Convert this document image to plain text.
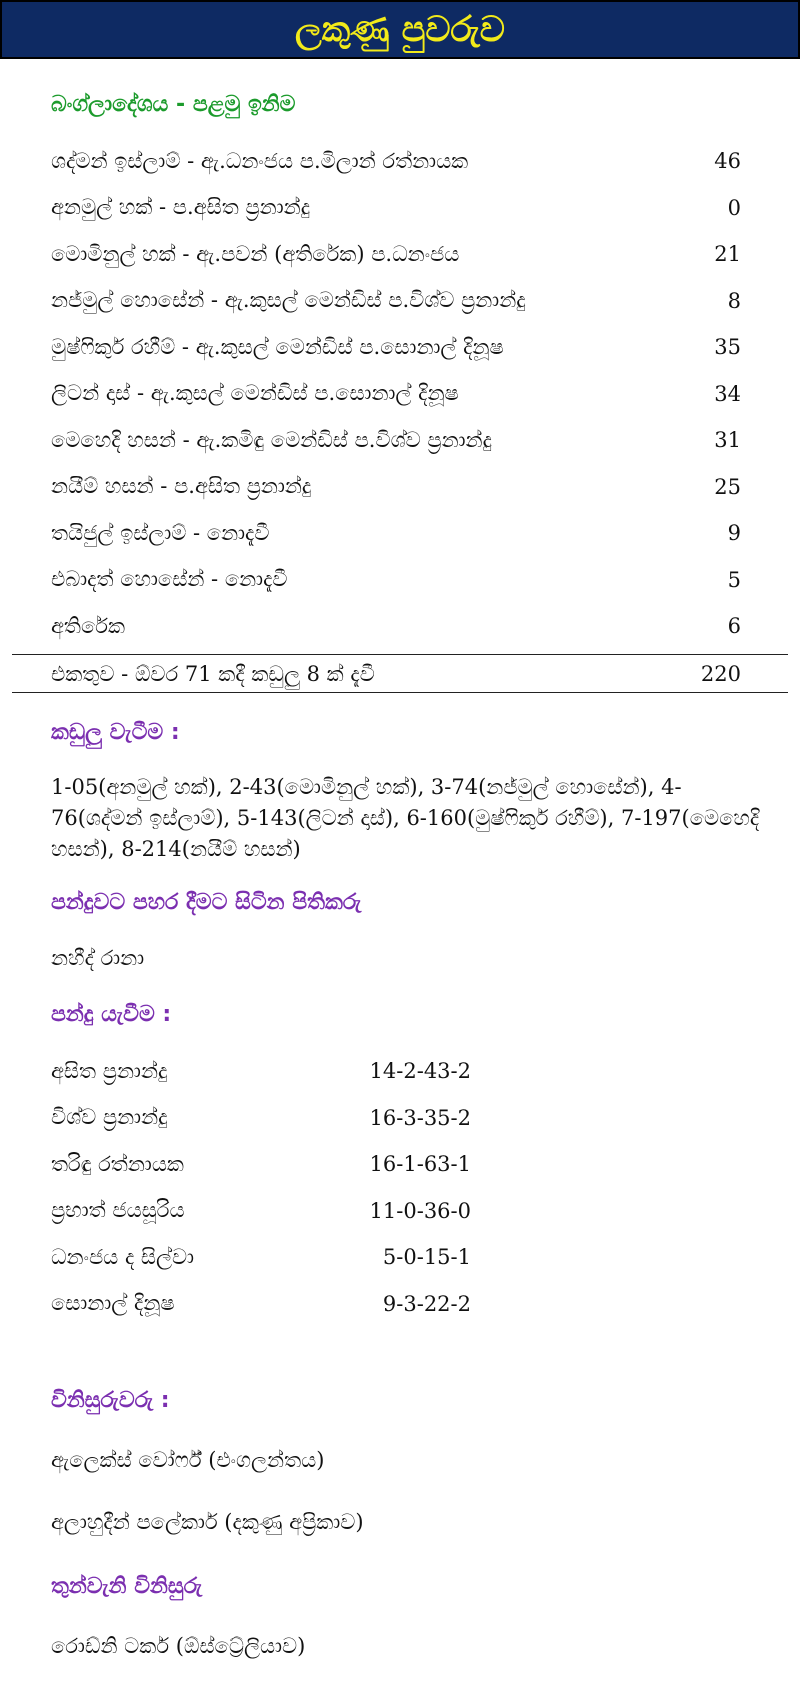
ලකුණු පුවරුව
බංග්ලාදේශය - පළමු ඉනිම
ශද්මන් ඉස්ලාම් - ඇ.ධනංජය ප.මිලාන් රත්නායක	46
අනමුල් හක් - ප.අසිත ප්‍රනාන්දු	0
මොමිනුල් හක් - ඇ.පවන් (අතිරේක) ප.ධනංජය	21
නජ්මුල් හොසේන් - ඇ.කුසල් මෙන්ඩිස් ප.විශ්ව ප්‍රනාන්දු	8
මුෂ්ෆිකුර් රහීම් - ඇ.කුසල් මෙන්ඩිස් ප.සොනාල් දිනූෂ	35
ලිටන් දාස් - ඇ.කුසල් මෙන්ඩිස් ප.සොනාල් දිනූෂ	34
මෙහෙදි හසන් - ඇ.කමිඳු මෙන්ඩිස් ප.විශ්ව ප්‍රනාන්දු	31
නයීම් හසන් - ප.අසිත ප්‍රනාන්දු	25
තයිජුල් ඉස්ලාම් - නොදැවී	9
එබාදත් හොසේන් - නොදැවී	5
අතිරේක	6
එකතුව - ඕවර 71 කදී කඩුලු 8 ක් දැවී	220
කඩුලු වැටීම :
1-05(අනමුල් හක්), 2-43(මොමිනුල් හක්), 3-74(නජ්මුල් හොසේන්), 4-76(ශද්මන් ඉස්ලාම්), 5-143(ලිටන් දාස්), 6-160(මුෂ්ෆිකුර් රහීම්), 7-197(මෙහෙදි හසන්), 8-214(නයීම් හසන්)
පන්දුවට පහර දීමට සිටින පිතිකරු
නහීද් රානා
පන්දු යැවීම :
අසිත ප්‍රනාන්දු	14-2-43-2
විශ්ව ප්‍රනාන්දු	16-3-35-2
තරිඳු රත්නායක	16-1-63-1
ප්‍රභාත් ජයසූරිය	11-0-36-0
ධනංජය ද සිල්වා	5-0-15-1
සොනාල් දිනූෂ	9-3-22-2
විනිසුරුවරු :
ඇලෙක්ස් වෝර්ෆ් (එංගලන්තය)
අලාහුදීන් පලේකාර් (දකුණු අප්‍රිකාව)
තුන්වැනි විනිසුරු
රොඩ්නි ටකර් (ඕස්ට්‍රේලියාව)
